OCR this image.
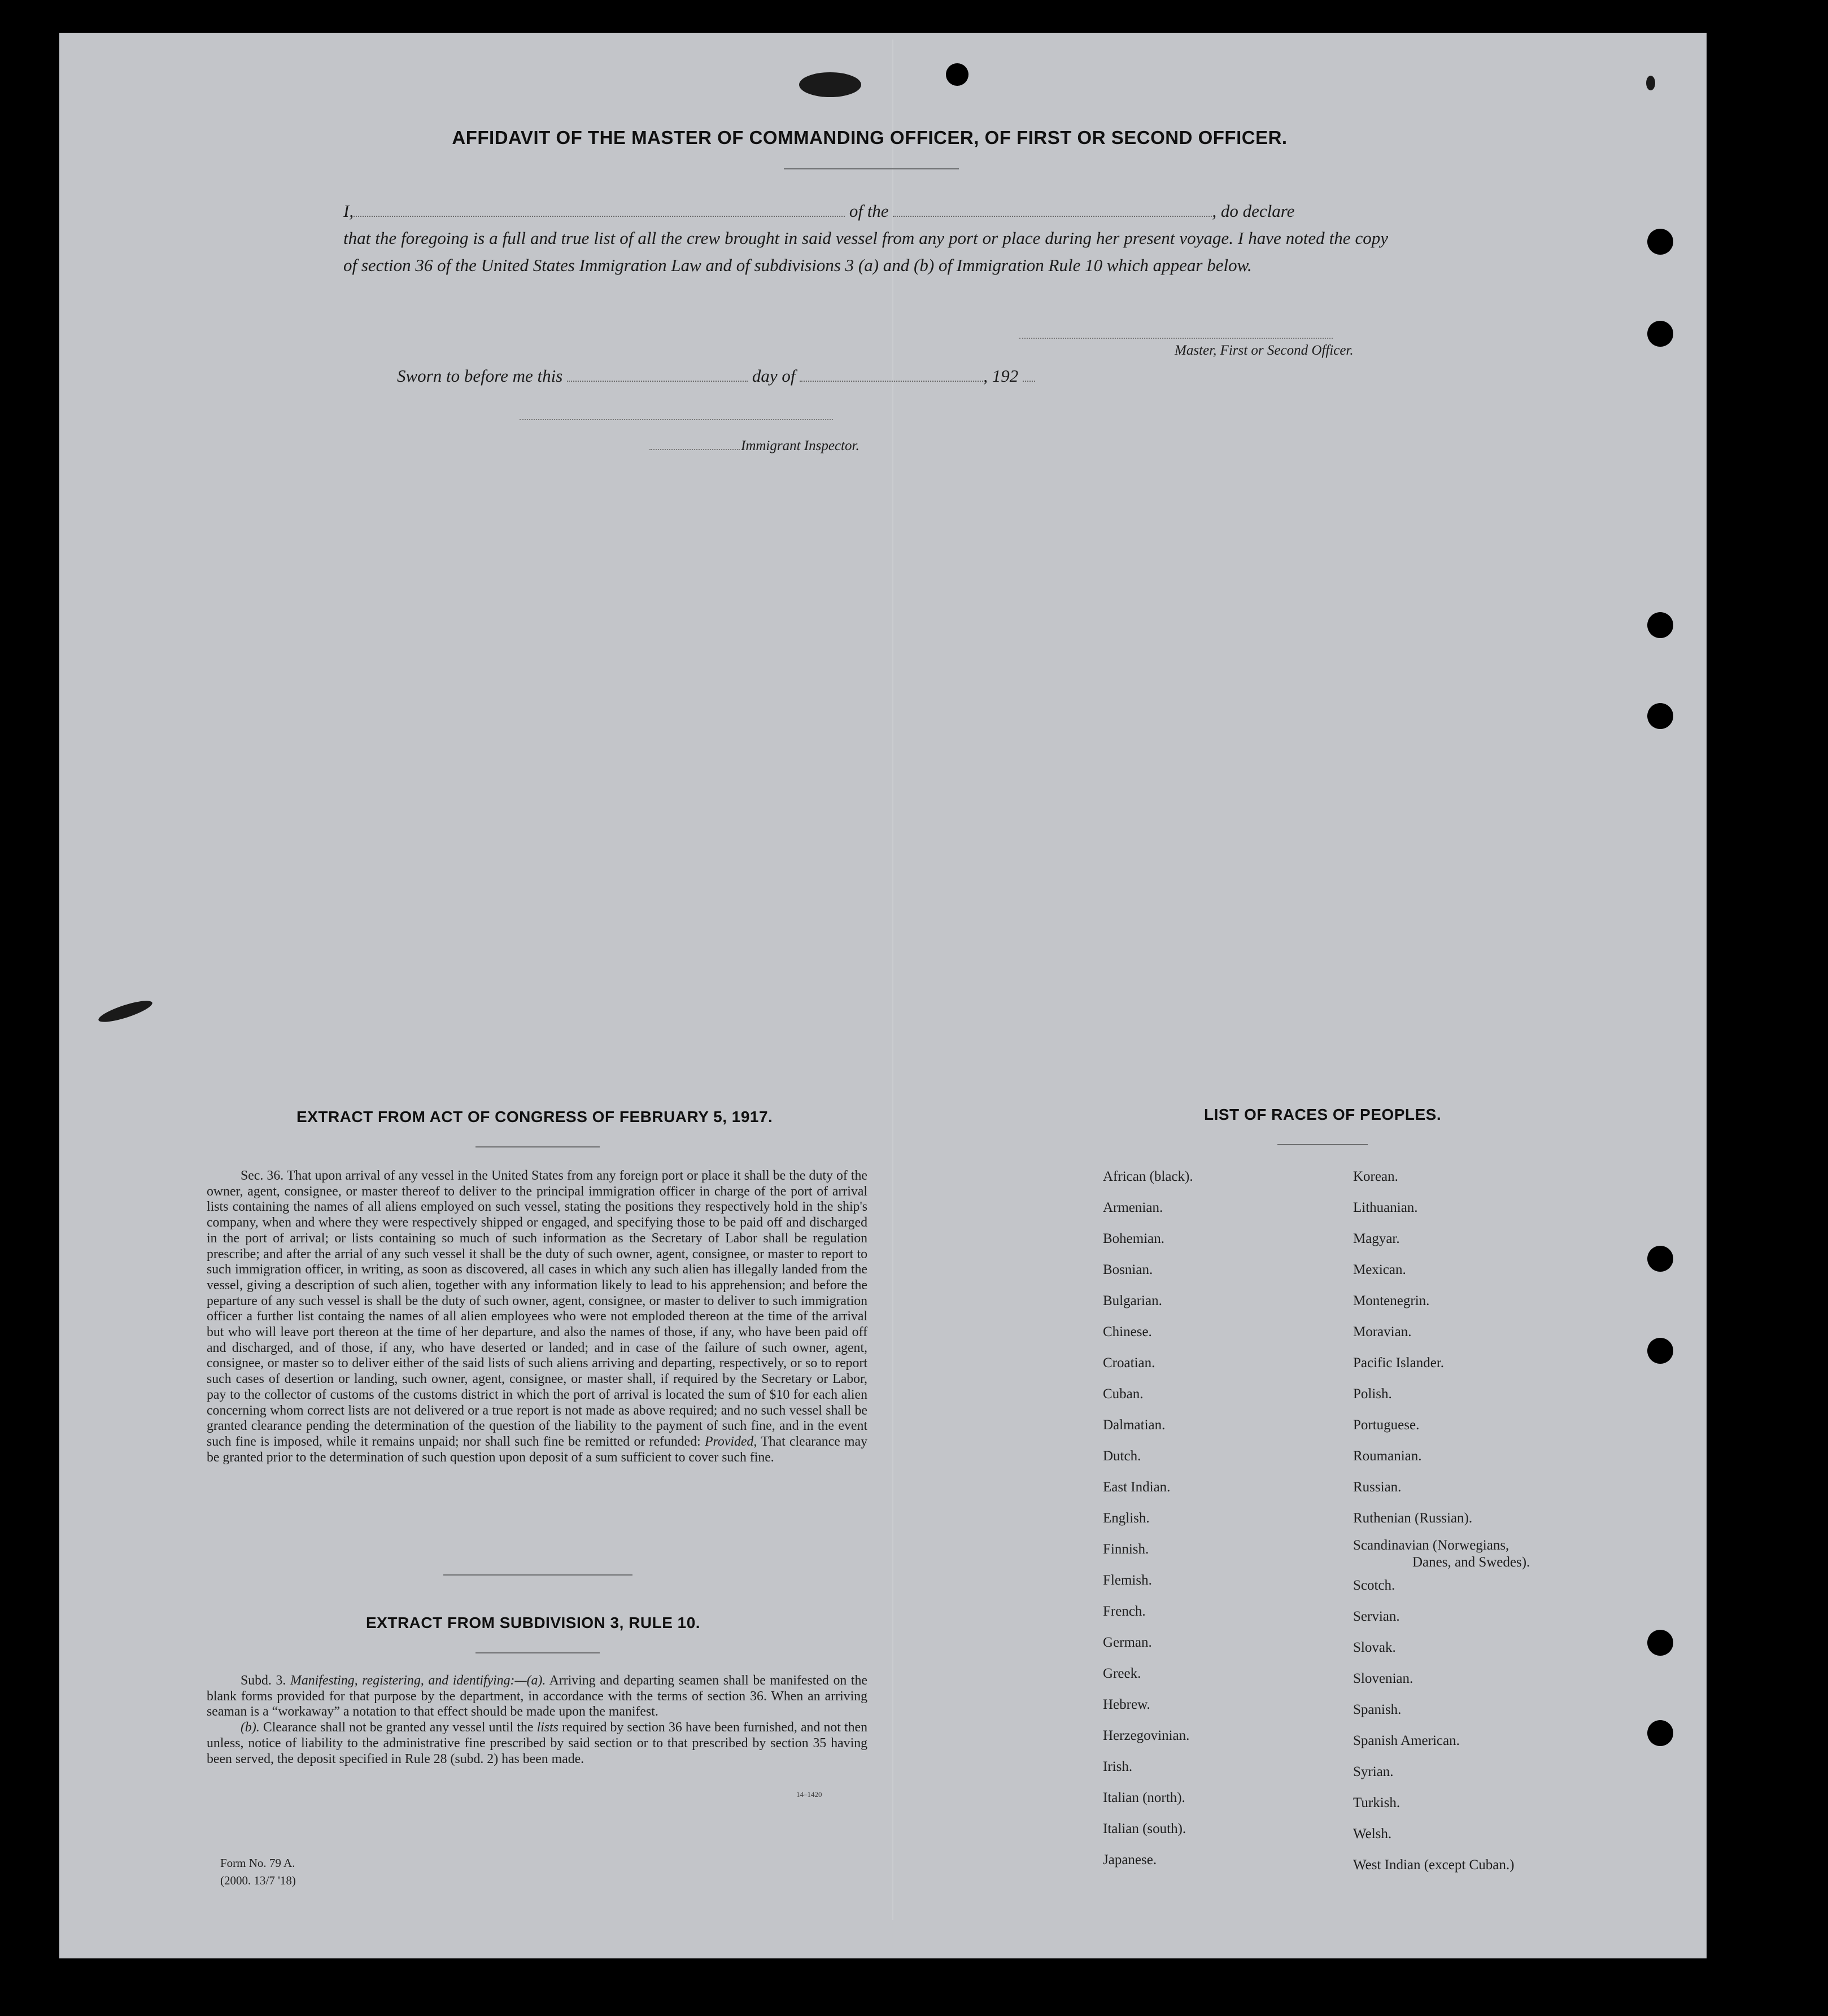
AFFIDAVIT OF THE MASTER OF COMMANDING OFFICER, OF FIRST OR SECOND OFFICER.
I,	of the	, do declare
that the foregoing is a full and true list of all the crew brought in said vessel from any port or place during her present voyage. I have noted the copy of section 36 of the United States Immigration Law and of subdivisions 3 (a) and (b) of Immigration Rule 10 which appear below.
Master, First or Second Officer.
Sworn to before me this	day of	, 192
Immigrant Inspector.
EXTRACT FROM ACT OF CONGRESS OF FEBRUARY 5, 1917.

Sec. 36. That upon arrival of any vessel in the United States from any foreign port or place it shall be the duty of the owner, agent, consignee, or master thereof to deliver to the principal immigration officer in charge of the port of arrival lists containing the names of all aliens employed on such vessel, stating the positions they respectively hold in the ship's company, when and where they were respectively shipped or engaged, and specifying those to be paid off and discharged in the port of arrival; or lists containing so much of such information as the Secretary of Labor shall be regulation prescribe; and after the arrial of any such vessel it shall be the duty of such owner, agent, consignee, or master to report to such immigration officer, in writing, as soon as discovered, all cases in which any such alien has illegally landed from the vessel, giving a description of such alien, together with any information likely to lead to his apprehension; and before the peparture of any such vessel is shall be the duty of such owner, agent, consignee, or master to deliver to such immigration officer a further list containg the names of all alien employees who were not emploded thereon at the time of the arrival but who will leave port thereon at the time of her departure, and also the names of those, if any, who have been paid off and discharged, and of those, if any, who have deserted or landed; and in case of the failure of such owner, agent, consignee, or master so to deliver either of the said lists of such aliens arriving and departing, respectively, or so to report such cases of desertion or landing, such owner, agent, consignee, or master shall, if required by the Secretary or Labor, pay to the collector of customs of the customs district in which the port of arrival is located the sum of $10 for each alien concerning whom correct lists are not delivered or a true report is not made as above required; and no such vessel shall be granted clearance pending the determination of the question of the liability to the payment of such fine, and in the event such fine is imposed, while it remains unpaid; nor shall such fine be remitted or refunded: Provided, That clearance may be granted prior to the determination of such question upon deposit of a sum sufficient to cover such fine.

EXTRACT FROM SUBDIVISION 3, RULE 10.

Subd. 3. Manifesting, registering, and identifying:—(a). Arriving and departing seamen shall be manifested on the blank forms provided for that purpose by the department, in accordance with the terms of section 36. When an arriving seaman is a “workaway” a notation to that effect should be made upon the manifest.

(b). Clearance shall not be granted any vessel until the lists required by section 36 have been furnished, and not then unless, notice of liability to the administrative fine prescribed by said section or to that prescribed by section 35 having been served, the deposit specified in Rule 28 (subd. 2) has been made.

14–1420
Form No. 79 A.
(2000. 13/7 '18)
LIST OF RACES OF PEOPLES.
African (black).
Armenian.
Bohemian.
Bosnian.
Bulgarian.
Chinese.
Croatian.
Cuban.
Dalmatian.
Dutch.
East Indian.
English.
Finnish.
Flemish.
French.
German.
Greek.
Hebrew.
Herzegovinian.
Irish.
Italian (north).
Italian (south).
Japanese.
Korean.
Lithuanian.
Magyar.
Mexican.
Montenegrin.
Moravian.
Pacific Islander.
Polish.
Portuguese.
Roumanian.
Russian.
Ruthenian (Russian).
Scandinavian (Norwegians,
Danes, and Swedes).
Scotch.
Servian.
Slovak.
Slovenian.
Spanish.
Spanish American.
Syrian.
Turkish.
Welsh.
West Indian (except Cuban.)
